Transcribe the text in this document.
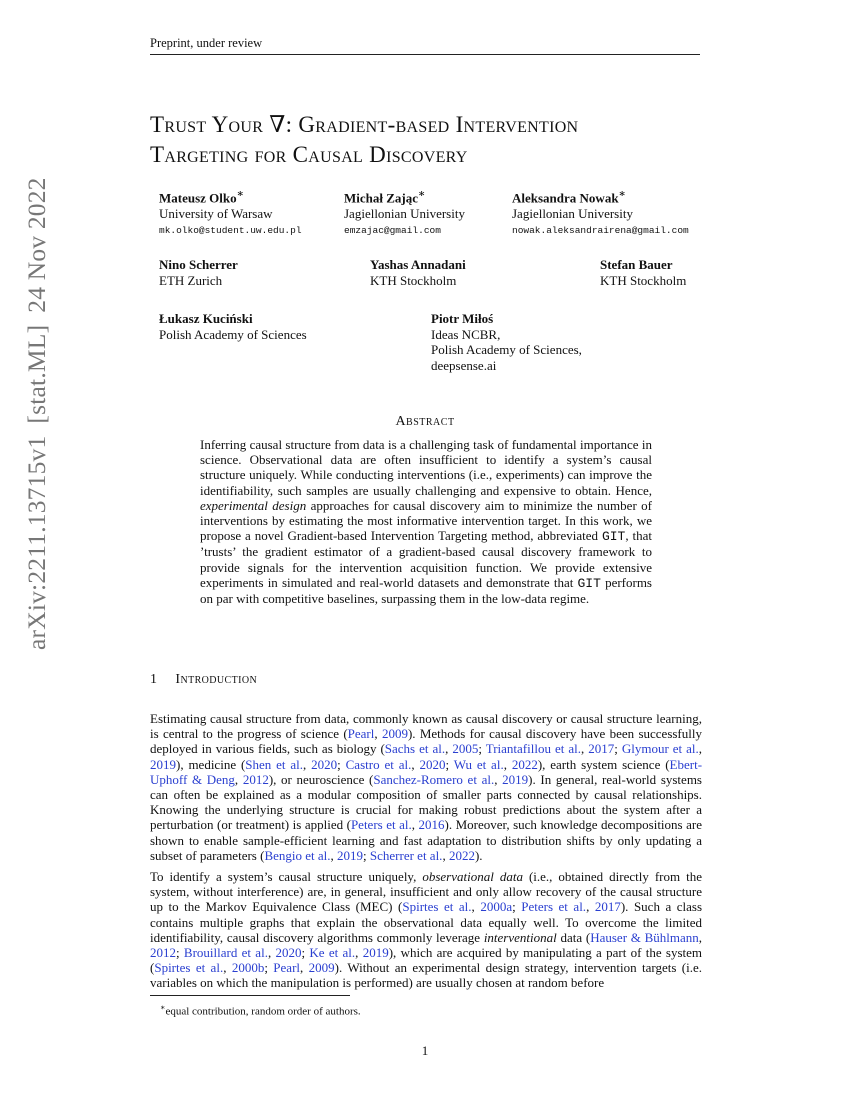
Preprint, under review
arXiv:2211.13715v1[stat.ML]24 Nov 2022
Trust Your ∇: Gradient-based Intervention
Targeting for Causal Discovery
Mateusz Olko∗
University of Warsaw
mk.olko@student.uw.edu.pl
Michał Zając∗
Jagiellonian University
emzajac@gmail.com
Aleksandra Nowak∗
Jagiellonian University
nowak.aleksandrairena@gmail.com
Nino Scherrer
ETH Zurich
Yashas Annadani
KTH Stockholm
Stefan Bauer
KTH Stockholm
Łukasz Kuciński
Polish Academy of Sciences
Piotr Miłoś
Ideas NCBR,
Polish Academy of Sciences,
deepsense.ai
Abstract
Inferring causal structure from data is a challenging task of fundamental importance in science. Observational data are often insufficient to identify a system’s causal structure uniquely. While conducting interventions (i.e., experiments) can improve the identifiability, such samples are usually challenging and expensive to obtain. Hence, experimental design approaches for causal discovery aim to minimize the number of interventions by estimating the most informative intervention target. In this work, we propose a novel Gradient-based Intervention Targeting method, abbreviated GIT, that ’trusts’ the gradient estimator of a gradient-based causal discovery framework to provide signals for the intervention acquisition function. We provide extensive experiments in simulated and real-world datasets and demonstrate that GIT performs on par with competitive baselines, surpassing them in the low-data regime.
1 Introduction
Estimating causal structure from data, commonly known as causal discovery or causal structure learning, is central to the progress of science (Pearl, 2009). Methods for causal discovery have been successfully deployed in various fields, such as biology (Sachs et al., 2005; Triantafillou et al., 2017; Glymour et al., 2019), medicine (Shen et al., 2020; Castro et al., 2020; Wu et al., 2022), earth system science (Ebert-Uphoff & Deng, 2012), or neuroscience (Sanchez-Romero et al., 2019). In general, real-world systems can often be explained as a modular composition of smaller parts connected by causal relationships. Knowing the underlying structure is crucial for making robust predictions about the system after a perturbation (or treatment) is applied (Peters et al., 2016). Moreover, such knowledge decompositions are shown to enable sample-efficient learning and fast adaptation to distribution shifts by only updating a subset of parameters (Bengio et al., 2019; Scherrer et al., 2022).
To identify a system’s causal structure uniquely, observational data (i.e., obtained directly from the system, without interference) are, in general, insufficient and only allow recovery of the causal structure up to the Markov Equivalence Class (MEC) (Spirtes et al., 2000a; Peters et al., 2017). Such a class contains multiple graphs that explain the observational data equally well. To overcome the limited identifiability, causal discovery algorithms commonly leverage interventional data (Hauser & Bühlmann, 2012; Brouillard et al., 2020; Ke et al., 2019), which are acquired by manipulating a part of the system (Spirtes et al., 2000b; Pearl, 2009). Without an experimental design strategy, intervention targets (i.e. variables on which the manipulation is performed) are usually chosen at random before
∗equal contribution, random order of authors.
1
